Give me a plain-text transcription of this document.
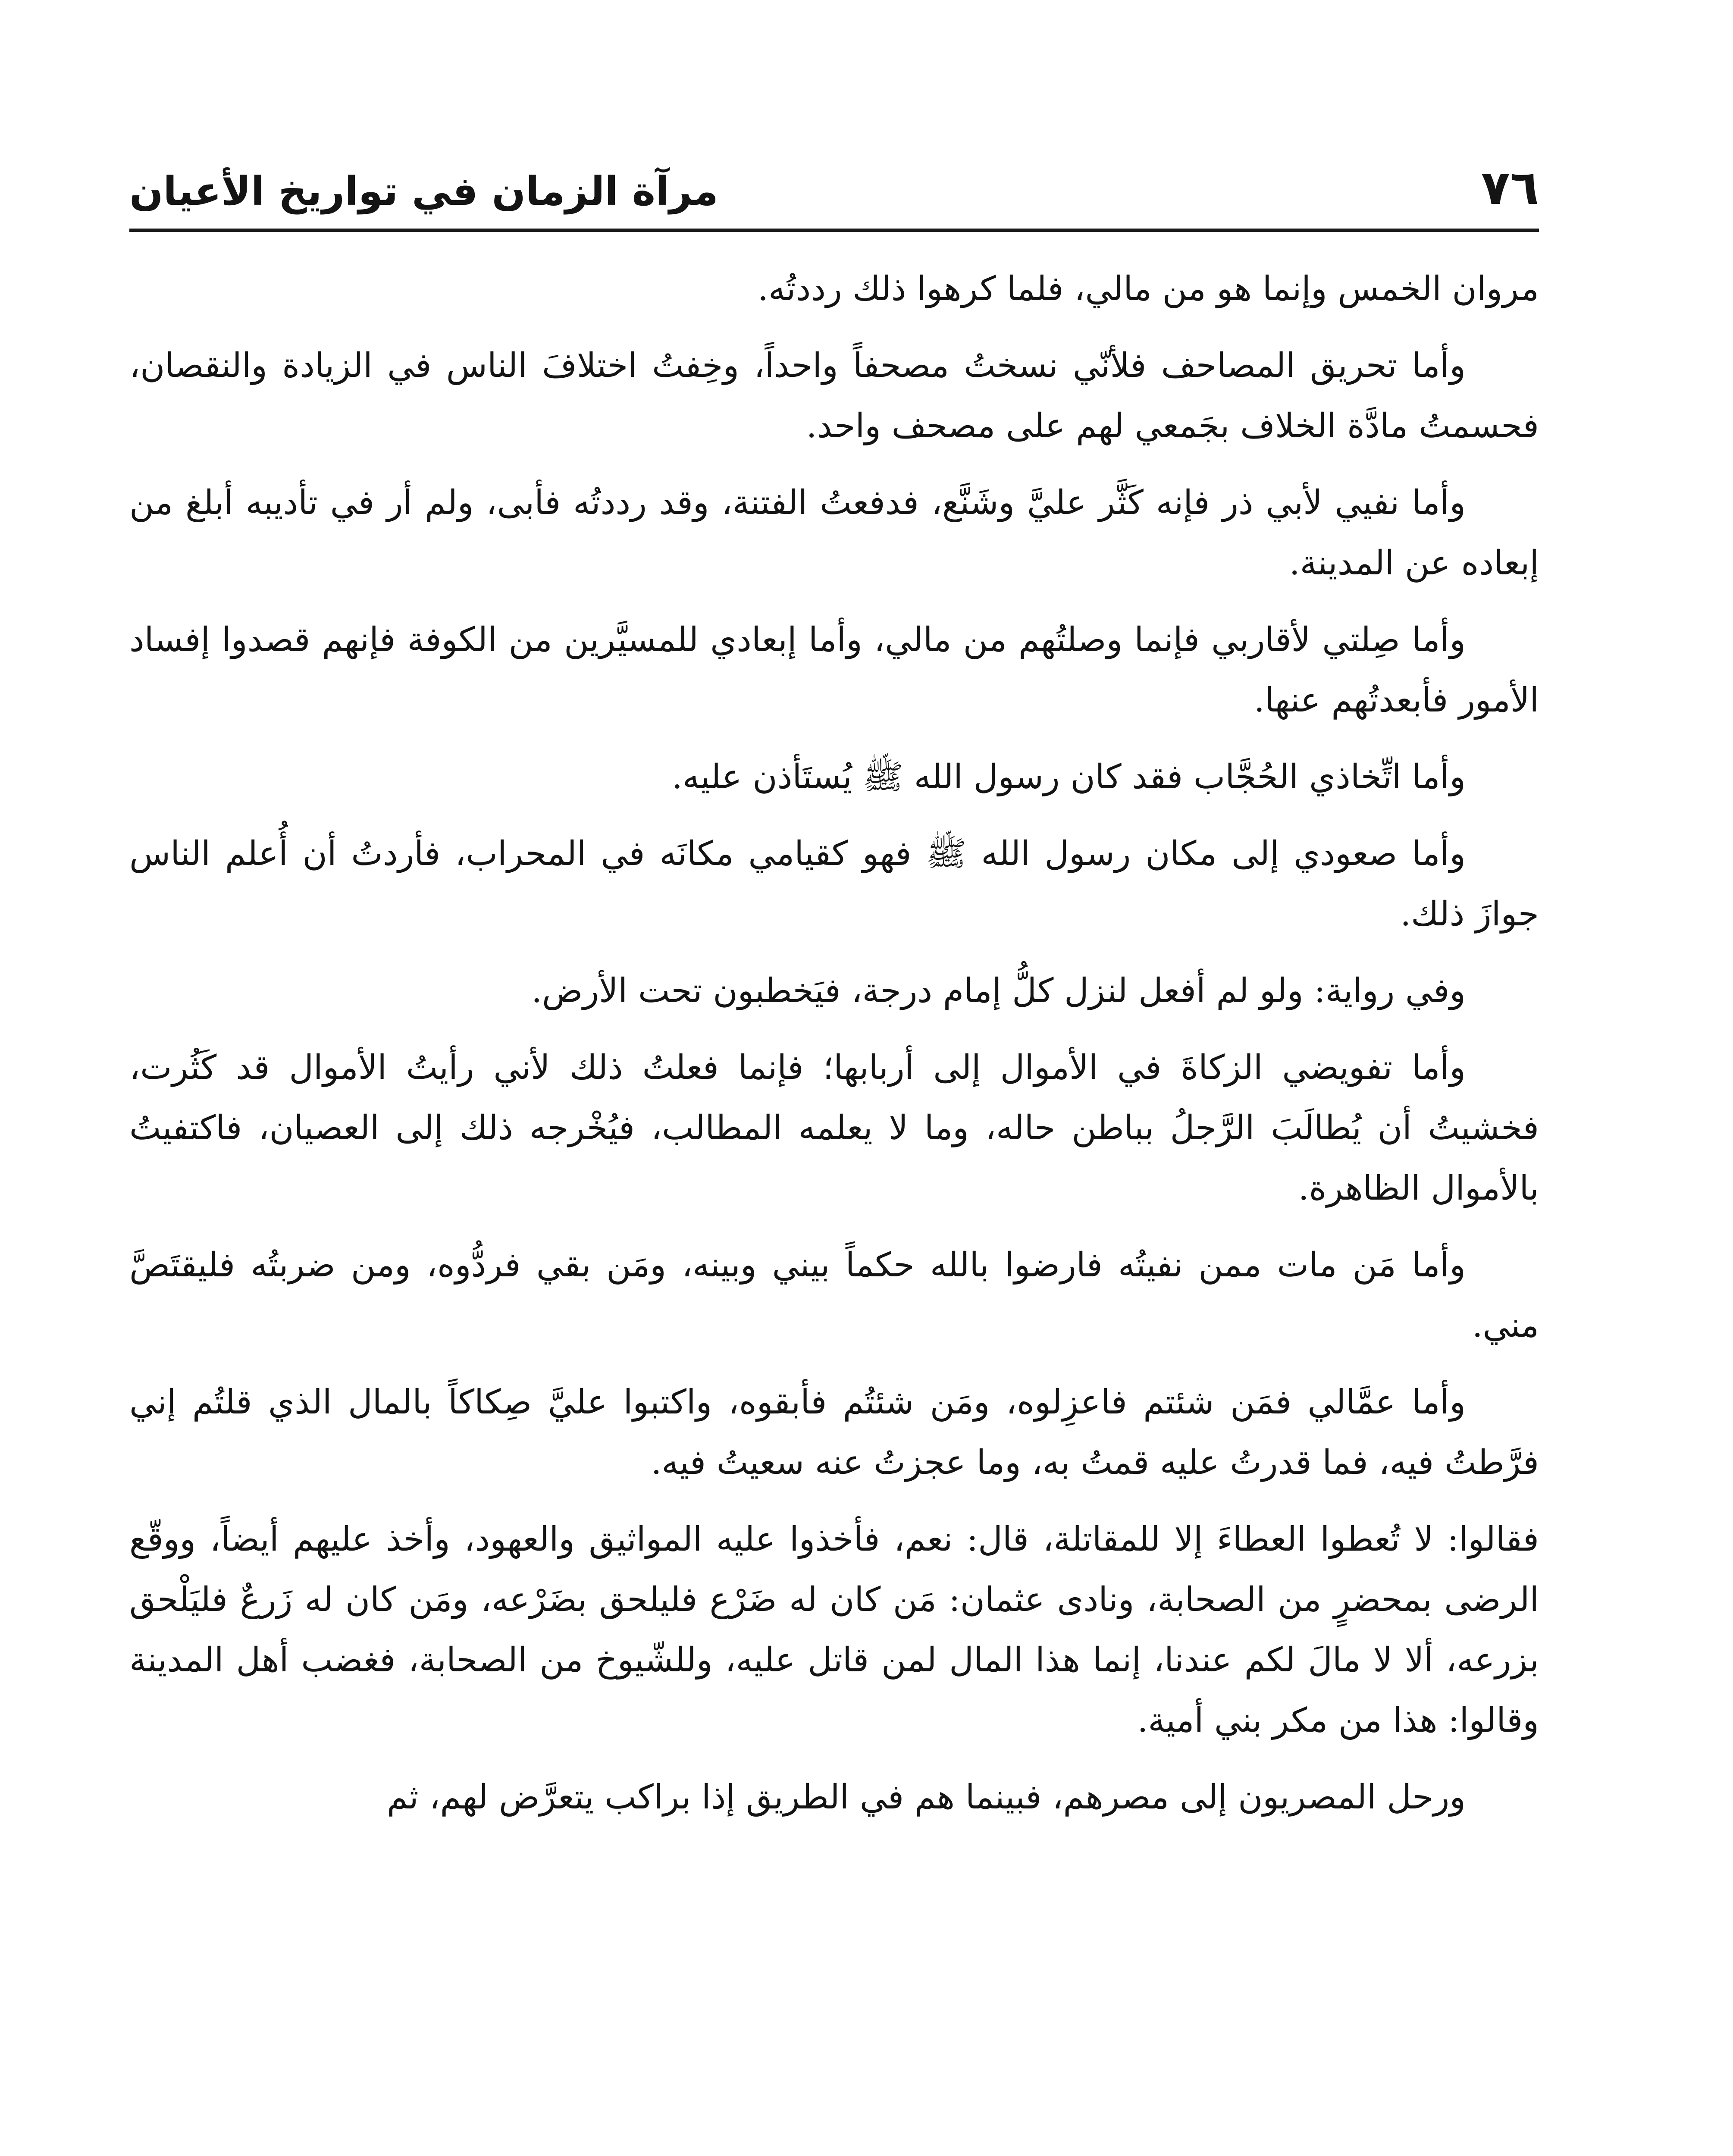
٧٦
مرآة الزمان في تواريخ الأعيان

مروان الخمس وإنما هو من مالي، فلما كرهوا ذلك رددتُه.

وأما تحريق المصاحف فلأنّي نسختُ مصحفاً واحداً، وخِفتُ اختلافَ الناس في الزيادة والنقصان، فحسمتُ مادَّة الخلاف بجَمعي لهم على مصحف واحد.

وأما نفيي لأبي ذر فإنه كَثَّر عليَّ وشَنَّع، فدفعتُ الفتنة، وقد رددتُه فأبى، ولم أر في تأديبه أبلغ من إبعاده عن المدينة.

وأما صِلتي لأقاربي فإنما وصلتُهم من مالي، وأما إبعادي للمسيَّرين من الكوفة فإنهم قصدوا إفساد الأمور فأبعدتُهم عنها.

وأما اتِّخاذي الحُجَّاب فقد كان رسول الله ﷺ يُستَأذن عليه.

وأما صعودي إلى مكان رسول الله ﷺ فهو كقيامي مكانَه في المحراب، فأردتُ أن أُعلم الناس جوازَ ذلك.

وفي رواية: ولو لم أفعل لنزل كلُّ إمام درجة، فيَخطبون تحت الأرض.

وأما تفويضي الزكاةَ في الأموال إلى أربابها؛ فإنما فعلتُ ذلك لأني رأيتُ الأموال قد كَثُرت، فخشيتُ أن يُطالَبَ الرَّجلُ بباطن حاله، وما لا يعلمه المطالب، فيُخْرجه ذلك إلى العصيان، فاكتفيتُ بالأموال الظاهرة.

وأما مَن مات ممن نفيتُه فارضوا بالله حكماً بيني وبينه، ومَن بقي فردُّوه، ومن ضربتُه فليقتَصَّ مني.

وأما عمَّالي فمَن شئتم فاعزِلوه، ومَن شئتُم فأبقوه، واكتبوا عليَّ صِكاكاً بالمال الذي قلتُم إني فرَّطتُ فيه، فما قدرتُ عليه قمتُ به، وما عجزتُ عنه سعيتُ فيه.

فقالوا: لا تُعطوا العطاءَ إلا للمقاتلة، قال: نعم، فأخذوا عليه المواثيق والعهود، وأخذ عليهم أيضاً، ووقّع الرضى بمحضرٍ من الصحابة، ونادى عثمان: مَن كان له ضَرْع فليلحق بضَرْعه، ومَن كان له زَرعٌ فليَلْحق بزرعه، ألا لا مالَ لكم عندنا، إنما هذا المال لمن قاتل عليه، وللشّيوخ من الصحابة، فغضب أهل المدينة وقالوا: هذا من مكر بني أمية.

ورحل المصريون إلى مصرهم، فبينما هم في الطريق إذا براكب يتعرَّض لهم، ثم
